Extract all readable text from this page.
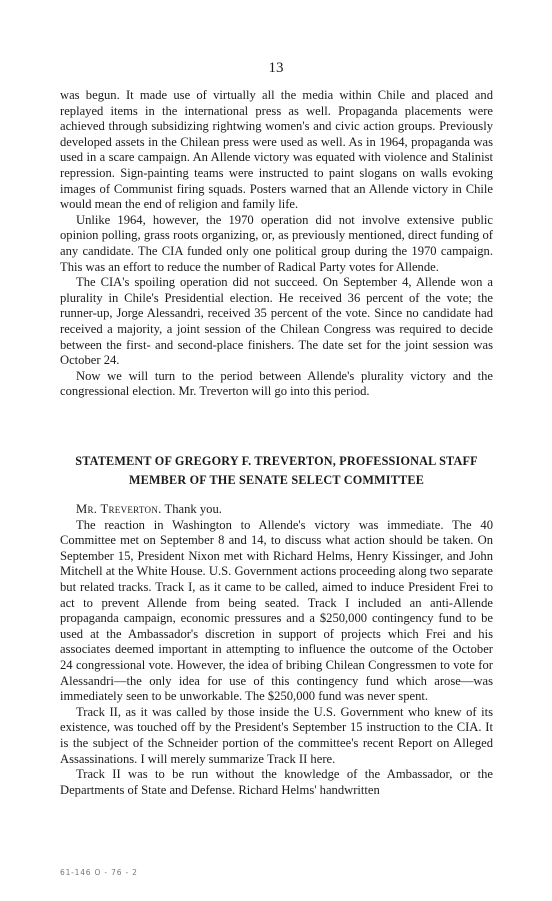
13

was begun. It made use of virtually all the media within Chile and placed and replayed items in the international press as well. Propaganda placements were achieved through subsidizing rightwing women's and civic action groups. Previously developed assets in the Chilean press were used as well. As in 1964, propaganda was used in a scare campaign. An Allende victory was equated with violence and Stalinist repression. Sign-painting teams were instructed to paint slogans on walls evoking images of Communist firing squads. Posters warned that an Allende victory in Chile would mean the end of religion and family life.

Unlike 1964, however, the 1970 operation did not involve extensive public opinion polling, grass roots organizing, or, as previously mentioned, direct funding of any candidate. The CIA funded only one political group during the 1970 campaign. This was an effort to reduce the number of Radical Party votes for Allende.

The CIA's spoiling operation did not succeed. On September 4, Allende won a plurality in Chile's Presidential election. He received 36 percent of the vote; the runner-up, Jorge Alessandri, received 35 percent of the vote. Since no candidate had received a majority, a joint session of the Chilean Congress was required to decide between the first- and second-place finishers. The date set for the joint session was October 24.

Now we will turn to the period between Allende's plurality victory and the congressional election. Mr. Treverton will go into this period.

STATEMENT OF GREGORY F. TREVERTON, PROFESSIONAL STAFF
MEMBER OF THE SENATE SELECT COMMITTEE

Mr. Treverton. Thank you.

The reaction in Washington to Allende's victory was immediate. The 40 Committee met on September 8 and 14, to discuss what action should be taken. On September 15, President Nixon met with Richard Helms, Henry Kissinger, and John Mitchell at the White House. U.S. Government actions proceeding along two separate but related tracks. Track I, as it came to be called, aimed to induce President Frei to act to prevent Allende from being seated. Track I included an anti-Allende propaganda campaign, economic pressures and a $250,000 contingency fund to be used at the Ambassador's discretion in support of projects which Frei and his associates deemed important in attempting to influence the outcome of the October 24 congressional vote. However, the idea of bribing Chilean Congressmen to vote for Alessandri—the only idea for use of this contingency fund which arose—was immediately seen to be unworkable. The $250,000 fund was never spent.

Track II, as it was called by those inside the U.S. Government who knew of its existence, was touched off by the President's September 15 instruction to the CIA. It is the subject of the Schneider portion of the committee's recent Report on Alleged Assassinations. I will merely summarize Track II here.

Track II was to be run without the knowledge of the Ambassador, or the Departments of State and Defense. Richard Helms' handwritten

61-146 O - 76 - 2
